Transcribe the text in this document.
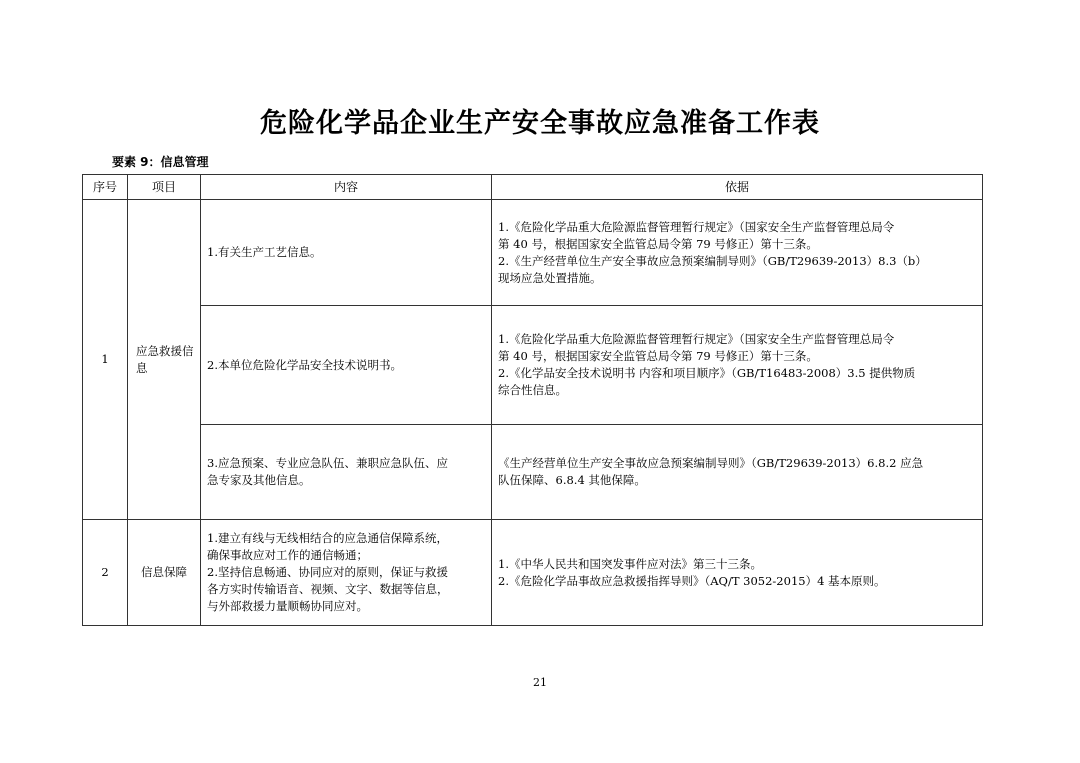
危险化学品企业生产安全事故应急准备工作表
要素 9：信息管理
序号	项目	内容	依据
1	应急救援信息	1.有关生产工艺信息。	1.《危险化学品重大危险源监督管理暂行规定》（国家安全生产监督管理总局令
第 40 号，根据国家安全监管总局令第 79 号修正）第十三条。
2.《生产经营单位生产安全事故应急预案编制导则》（GB/T29639-2013）8.3（b）
现场应急处置措施。

		2.本单位危险化学品安全技术说明书。	1.《危险化学品重大危险源监督管理暂行规定》（国家安全生产监督管理总局令
第 40 号，根据国家安全监管总局令第 79 号修正）第十三条。
2.《化学品安全技术说明书 内容和项目顺序》（GB/T16483-2008）3.5 提供物质
综合性信息。

		3.应急预案、专业应急队伍、兼职应急队伍、应
急专家及其他信息。	《生产经营单位生产安全事故应急预案编制导则》（GB/T29639-2013）6.8.2 应急
队伍保障、6.8.4 其他保障。

2	信息保障	1.建立有线与无线相结合的应急通信保障系统，
确保事故应对工作的通信畅通；
2.坚持信息畅通、协同应对的原则，保证与救援
各方实时传输语音、视频、文字、数据等信息，
与外部救援力量顺畅协同应对。	1.《中华人民共和国突发事件应对法》第三十三条。
2.《危险化学品事故应急救援指挥导则》（AQ/T 3052-2015）4 基本原则。
21
